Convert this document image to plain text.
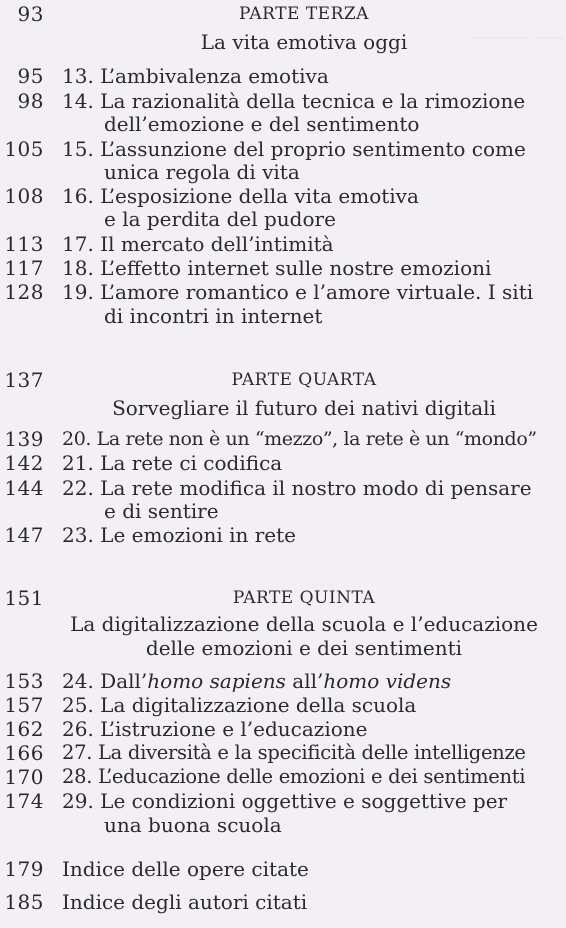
———— ——
93	PARTE TERZA
La vita emotiva oggi
95 13. L’ambivalenza emotiva
98 14. La razionalità della tecnica e la rimozione
dell’emozione e del sentimento
105 15. L’assunzione del proprio sentimento come
unica regola di vita
108 16. L’esposizione della vita emotiva
e la perdita del pudore
113 17. Il mercato dell’intimità
117 18. L’effetto internet sulle nostre emozioni
128 19. L’amore romantico e l’amore virtuale. I siti
di incontri in internet
137	PARTE QUARTA
Sorvegliare il futuro dei nativi digitali
139 20. La rete non è un “mezzo”, la rete è un “mondo”
142 21. La rete ci codifica
144 22. La rete modifica il nostro modo di pensare
e di sentire
147 23. Le emozioni in rete
151	PARTE QUINTA
La digitalizzazione della scuola e l’educazione
delle emozioni e dei sentimenti
153 24. Dall’homo sapiens all’homo videns
157 25. La digitalizzazione della scuola
162 26. L’istruzione e l’educazione
166 27. La diversità e la specificità delle intelligenze
170 28. L’educazione delle emozioni e dei sentimenti
174 29. Le condizioni oggettive e soggettive per
una buona scuola
179 Indice delle opere citate
185 Indice degli autori citati
